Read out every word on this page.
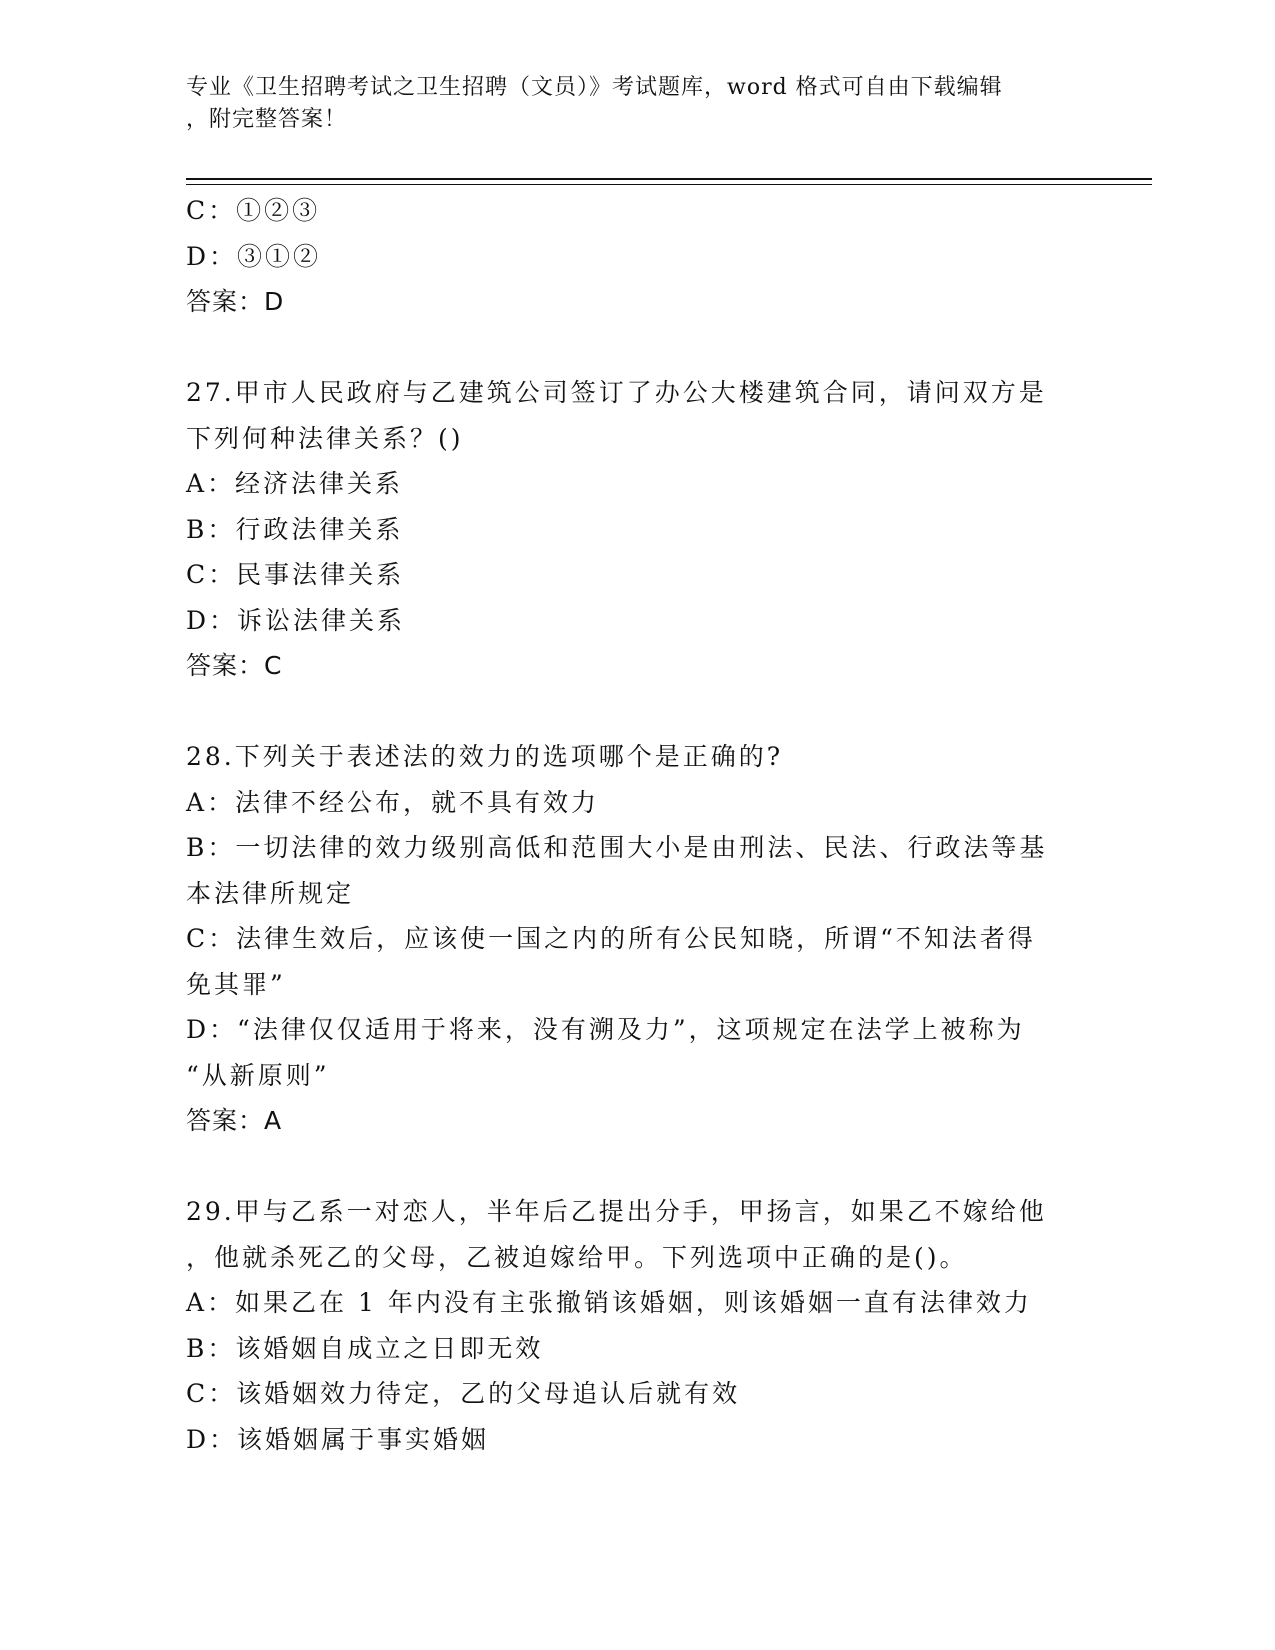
专业《卫生招聘考试之卫生招聘（文员）》考试题库，word 格式可自由下载编辑
，附完整答案！
C：①②③
D：③①②
答案：D
27.甲市人民政府与乙建筑公司签订了办公大楼建筑合同，请问双方是
下列何种法律关系？()
A：经济法律关系
B：行政法律关系
C：民事法律关系
D：诉讼法律关系
答案：C
28.下列关于表述法的效力的选项哪个是正确的?
A：法律不经公布，就不具有效力
B：一切法律的效力级别高低和范围大小是由刑法、民法、行政法等基
本法律所规定
C：法律生效后，应该使一国之内的所有公民知晓，所谓“不知法者得
免其罪”
D：“法律仅仅适用于将来，没有溯及力”，这项规定在法学上被称为
“从新原则”
答案：A
29.甲与乙系一对恋人，半年后乙提出分手，甲扬言，如果乙不嫁给他
，他就杀死乙的父母，乙被迫嫁给甲。下列选项中正确的是()。
A：如果乙在 1 年内没有主张撤销该婚姻，则该婚姻一直有法律效力
B：该婚姻自成立之日即无效
C：该婚姻效力待定，乙的父母追认后就有效
D：该婚姻属于事实婚姻
